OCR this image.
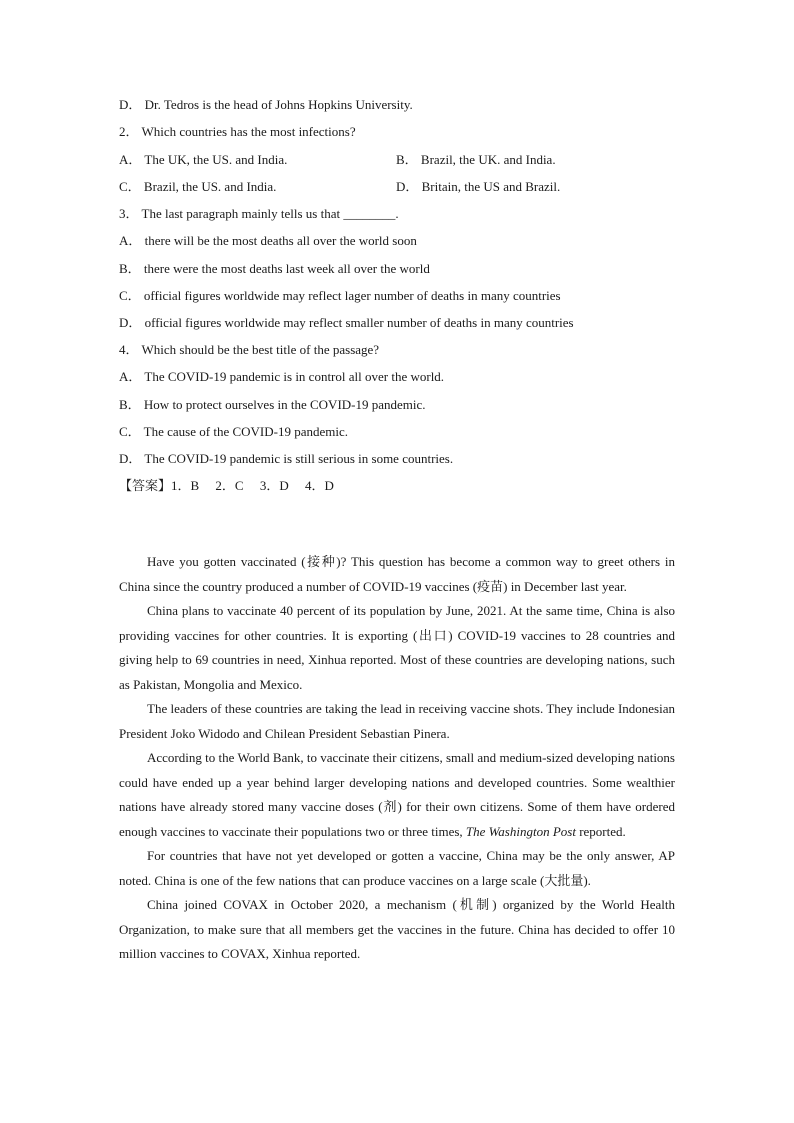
D． Dr. Tedros is the head of Johns Hopkins University.
2． Which countries has the most infections?
A． The UK, the US. and India.	B． Brazil, the UK. and India.
C． Brazil, the US. and India.	D． Britain, the US and Brazil.
3． The last paragraph mainly tells us that ________.
A． there will be the most deaths all over the world soon
B． there were the most deaths last week all over the world
C． official figures worldwide may reflect lager number of deaths in many countries
D． official figures worldwide may reflect smaller number of deaths in many countries
4． Which should be the best title of the passage?
A． The COVID-19 pandemic is in control all over the world.
B． How to protect ourselves in the COVID-19 pandemic.
C． The cause of the COVID-19 pandemic.
D． The COVID-19 pandemic is still serious in some countries.
【答案】1．B     2．C     3．D     4．D

Have you gotten vaccinated (接种)? This question has become a common way to greet others in China since the country produced a number of COVID-19 vaccines (疫苗) in December last year.

China plans to vaccinate 40 percent of its population by June, 2021. At the same time, China is also providing vaccines for other countries. It is exporting (出口) COVID-19 vaccines to 28 countries and giving help to 69 countries in need, Xinhua reported. Most of these countries are developing nations, such as Pakistan, Mongolia and Mexico.

The leaders of these countries are taking the lead in receiving vaccine shots. They include Indonesian President Joko Widodo and Chilean President Sebastian Pinera.

According to the World Bank, to vaccinate their citizens, small and medium-sized developing nations could have ended up a year behind larger developing nations and developed countries. Some wealthier nations have already stored many vaccine doses (剂) for their own citizens. Some of them have ordered enough vaccines to vaccinate their populations two or three times, The Washington Post reported.

For countries that have not yet developed or gotten a vaccine, China may be the only answer, AP noted. China is one of the few nations that can produce vaccines on a large scale (大批量).

China joined COVAX in October 2020, a mechanism (机制) organized by the World Health Organization, to make sure that all members get the vaccines in the future. China has decided to offer 10 million vaccines to COVAX, Xinhua reported.
